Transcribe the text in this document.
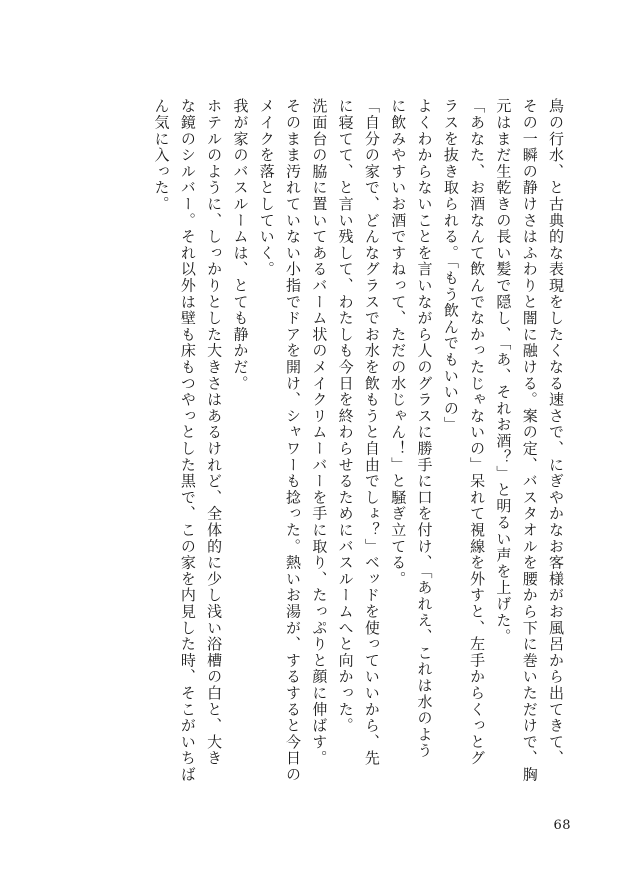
鳥の行水、と古典的な表現をしたくなる速さで、にぎやかなお客様がお風呂から出てきて、
その一瞬の静けさはふわりと闇に融ける。案の定、バスタオルを腰から下に巻いただけで、胸
元はまだ生乾きの長い髪で隠し、「あ、それお酒？」と明るい声を上げた。
「あなた、お酒なんて飲んでなかったじゃないの」呆れて視線を外すと、左手からくっとグ
ラスを抜き取られる。「もう飲んでもいいの」
よくわからないことを言いながら人のグラスに勝手に口を付け、「あれえ、これは水のよう
に飲みやすいお酒ですねって、ただの水じゃん！」と騒ぎ立てる。
「自分の家で、どんなグラスでお水を飲もうと自由でしょ？」ベッドを使っていいから、先
に寝てて、と言い残して、わたしも今日を終わらせるためにバスルームへと向かった。
洗面台の脇に置いてあるバーム状のメイクリムーバーを手に取り、たっぷりと顔に伸ばす。
そのまま汚れていない小指でドアを開け、シャワーも捻った。熱いお湯が、するすると今日の
メイクを落としていく。
我が家のバスルームは、とても静かだ。
ホテルのように、しっかりとした大きさはあるけれど、全体的に少し浅い浴槽の白と、大き
な鏡のシルバー。それ以外は壁も床もつやっとした黒で、この家を内見した時、そこがいちば
ん気に入った。
68
